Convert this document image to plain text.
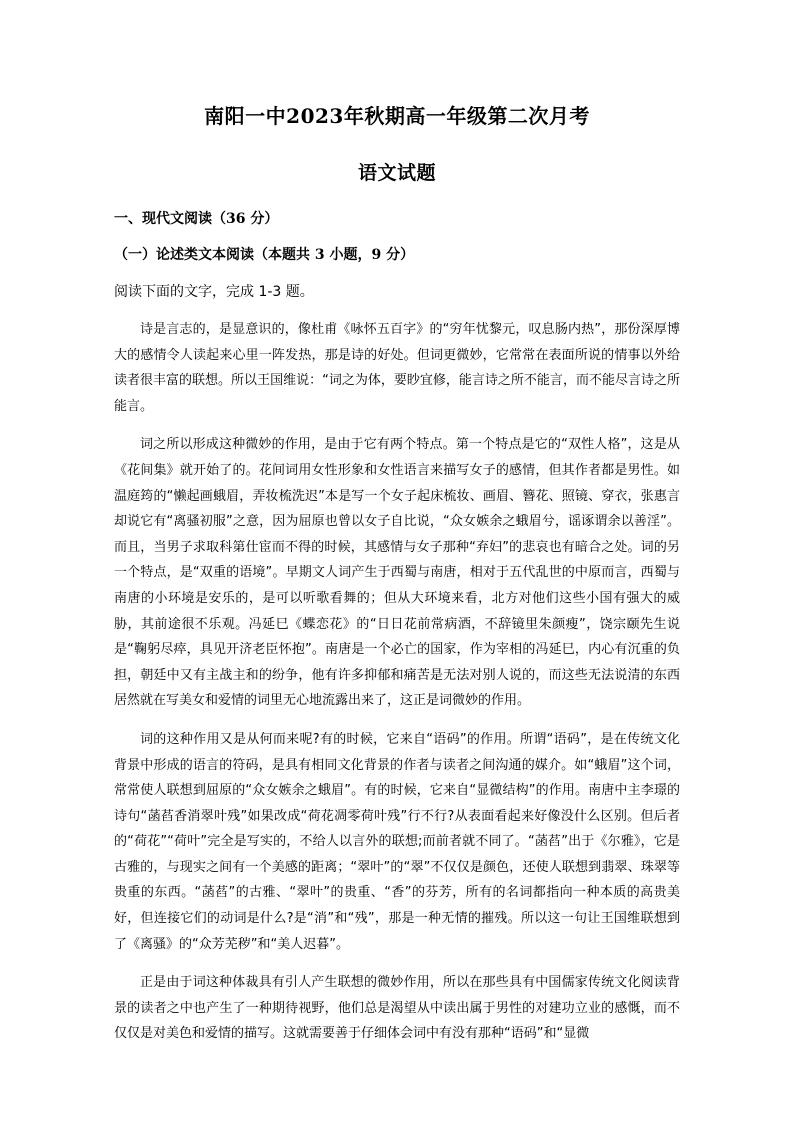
南阳一中2023年秋期高一年级第二次月考
语文试题
一、现代文阅读（36 分）
（一）论述类文本阅读（本题共 3 小题，9 分）
阅读下面的文字，完成 1-3 题。

诗是言志的，是显意识的，像杜甫《咏怀五百字》的“穷年忧黎元，叹息肠内热”，那份深厚博大的感情令人读起来心里一阵发热，那是诗的好处。但词更微妙，它常常在表面所说的情事以外给读者很丰富的联想。所以王国维说：“词之为体，要眇宜修，能言诗之所不能言，而不能尽言诗之所能言。

词之所以形成这种微妙的作用，是由于它有两个特点。第一个特点是它的“双性人格”，这是从《花间集》就开始了的。花间词用女性形象和女性语言来描写女子的感情，但其作者都是男性。如温庭筠的“懒起画蛾眉，弄妆梳洗迟”本是写一个女子起床梳妆、画眉、簪花、照镜、穿衣，张惠言却说它有“离骚初服”之意，因为屈原也曾以女子自比说，“众女嫉余之蛾眉兮，谣诼谓余以善淫”。而且，当男子求取科第仕宦而不得的时候，其感情与女子那种“弃妇”的悲哀也有暗合之处。词的另一个特点，是“双重的语境”。早期文人词产生于西蜀与南唐，相对于五代乱世的中原而言，西蜀与南唐的小环境是安乐的，是可以听歌看舞的；但从大环境来看，北方对他们这些小国有强大的威胁，其前途很不乐观。冯延巳《蝶恋花》的“日日花前常病酒，不辞镜里朱颜瘦”，饶宗颐先生说是“鞠躬尽瘁，具见开济老臣怀抱”。南唐是一个必亡的国家，作为宰相的冯延巳，内心有沉重的负担，朝廷中又有主战主和的纷争，他有许多抑郁和痛苦是无法对别人说的，而这些无法说清的东西居然就在写美女和爱情的词里无心地流露出来了，这正是词微妙的作用。

词的这种作用又是从何而来呢?有的时候，它来自“语码”的作用。所谓“语码”，是在传统文化背景中形成的语言的符码，是具有相同文化背景的作者与读者之间沟通的媒介。如“蛾眉”这个词，常常使人联想到屈原的“众女嫉余之蛾眉”。有的时候，它来自“显微结构”的作用。南唐中主李璟的诗句“菡萏香消翠叶残”如果改成“荷花凋零荷叶残”行不行?从表面看起来好像没什么区别。但后者的“荷花”“荷叶”完全是写实的，不给人以言外的联想;而前者就不同了。“菡萏”出于《尔雅》，它是古雅的，与现实之间有一个美感的距离；“翠叶”的“翠”不仅仅是颜色，还使人联想到翡翠、珠翠等贵重的东西。“菡萏”的古雅、“翠叶”的贵重、“香”的芬芳，所有的名词都指向一种本质的高贵美好，但连接它们的动词是什么?是“消”和“残”，那是一种无情的摧残。所以这一句让王国维联想到了《离骚》的“众芳芜秽”和“美人迟暮”。

正是由于词这种体裁具有引人产生联想的微妙作用，所以在那些具有中国儒家传统文化阅读背景的读者之中也产生了一种期待视野，他们总是渴望从中读出属于男性的对建功立业的感慨，而不仅仅是对美色和爱情的描写。这就需要善于仔细体会词中有没有那种“语码”和“显微
